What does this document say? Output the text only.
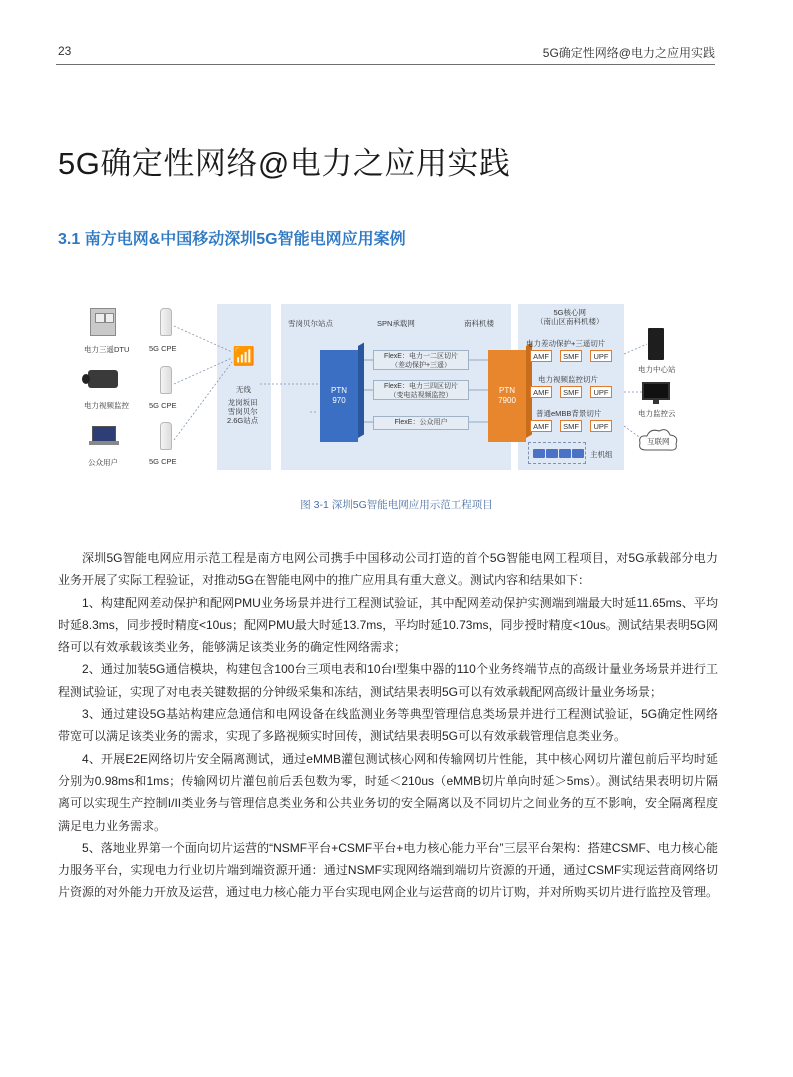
23	5G确定性网络@电力之应用实践
5G确定性网络@电力之应用实践
3.1 南方电网&中国移动深圳5G智能电网应用案例
电力三遥DTU	5G CPE
电力视频监控	5G CPE
公众用户	5G CPE
📶
无线
龙岗坂田
雪岗贝尔
2.6G站点
雪岗贝尔站点	SPN承载网	南科机楼
PTN
970
PTN
7900
FlexE：电力一二区切片
（差动保护+三遥）
FlexE：电力三四区切片
（变电站视频监控）
FlexE：公众用户
5G核心网
（南山区南科机楼）
电力差动保护+三遥切片
AMF	SMF	UPF
电力视频监控切片
AMF	SMF	UPF
普通eMBB背景切片
AMF	SMF	UPF
主机组
电力中心站
电力监控云
互联网

图 3-1 深圳5G智能电网应用示范工程项目

深圳5G智能电网应用示范工程是南方电网公司携手中国移动公司打造的首个5G智能电网工程项目，对5G承载部分电力业务开展了实际工程验证，对推动5G在智能电网中的推广应用具有重大意义。测试内容和结果如下：

1、构建配网差动保护和配网PMU业务场景并进行工程测试验证，其中配网差动保护实测端到端最大时延11.65ms、平均时延8.3ms，同步授时精度<10us；配网PMU最大时延13.7ms，平均时延10.73ms，同步授时精度<10us。测试结果表明5G网络可以有效承载该类业务，能够满足该类业务的确定性网络需求；

2、通过加装5G通信模块，构建包含100台三项电表和10台I型集中器的110个业务终端节点的高级计量业务场景并进行工程测试验证，实现了对电表关键数据的分钟级采集和冻结，测试结果表明5G可以有效承载配网高级计量业务场景；

3、通过建设5G基站构建应急通信和电网设备在线监测业务等典型管理信息类场景并进行工程测试验证，5G确定性网络带宽可以满足该类业务的需求，实现了多路视频实时回传，测试结果表明5G可以有效承载管理信息类业务。

4、开展E2E网络切片安全隔离测试，通过eMMB灌包测试核心网和传输网切片性能，其中核心网切片灌包前后平均时延分别为0.98ms和1ms；传输网切片灌包前后丢包数为零，时延＜210us（eMMB切片单向时延＞5ms）。测试结果表明切片隔离可以实现生产控制I/II类业务与管理信息类业务和公共业务切的安全隔离以及不同切片之间业务的互不影响，安全隔离程度满足电力业务需求。

5、落地业界第一个面向切片运营的“NSMF平台+CSMF平台+电力核心能力平台”三层平台架构：搭建CSMF、电力核心能力服务平台，实现电力行业切片端到端资源开通：通过NSMF实现网络端到端切片资源的开通，通过CSMF实现运营商网络切片资源的对外能力开放及运营，通过电力核心能力平台实现电网企业与运营商的切片订购，并对所购买切片进行监控及管理。
